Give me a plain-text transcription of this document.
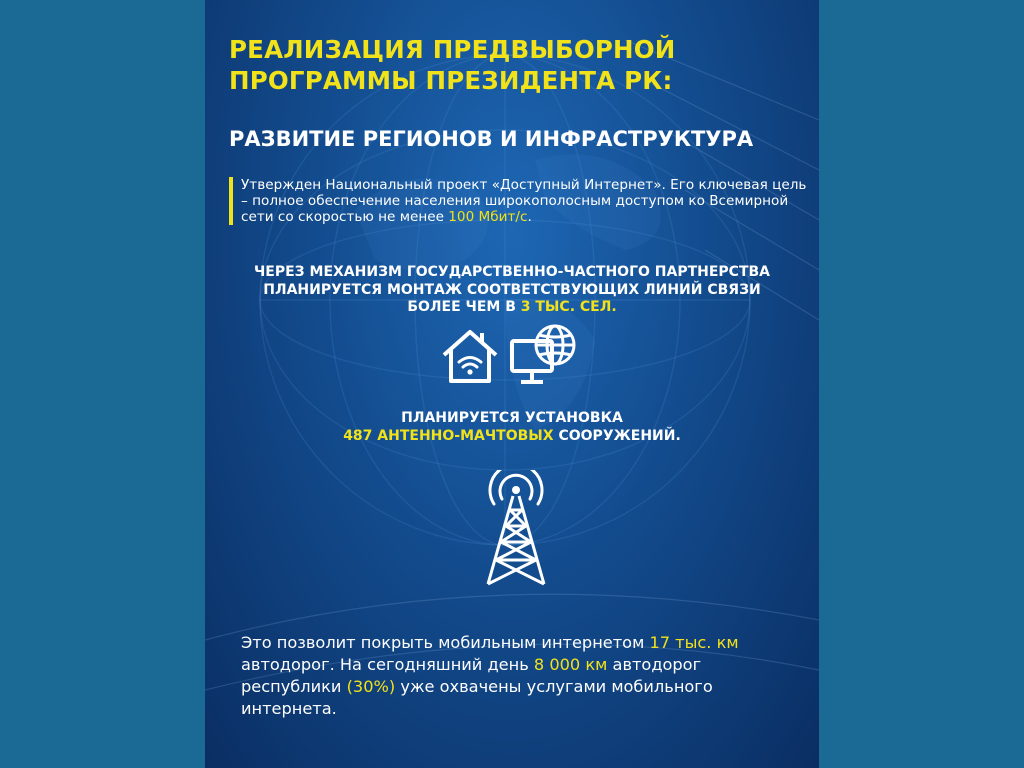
РЕАЛИЗАЦИЯ ПРЕДВЫБОРНОЙ
ПРОГРАММЫ ПРЕЗИДЕНТА РК:
РАЗВИТИЕ РЕГИОНОВ И ИНФРАСТРУКТУРА
Утвержден Национальный проект «Доступный Интернет». Его ключевая цель – полное обеспечение населения широкополосным доступом ко Всемирной сети со скоростью не менее 100 Мбит/с.
ЧЕРЕЗ МЕХАНИЗМ ГОСУДАРСТВЕННО-ЧАСТНОГО ПАРТНЕРСТВА
ПЛАНИРУЕТСЯ МОНТАЖ СООТВЕТСТВУЮЩИХ ЛИНИЙ СВЯЗИ
БОЛЕЕ ЧЕМ В 3 ТЫС. СЕЛ.
ПЛАНИРУЕТСЯ УСТАНОВКА
487 АНТЕННО-МАЧТОВЫХ СООРУЖЕНИЙ.
Это позволит покрыть мобильным интернетом 17 тыс. км автодорог. На сегодняшний день 8 000 км автодорог республики (30%) уже охвачены услугами мобильного интернета.
